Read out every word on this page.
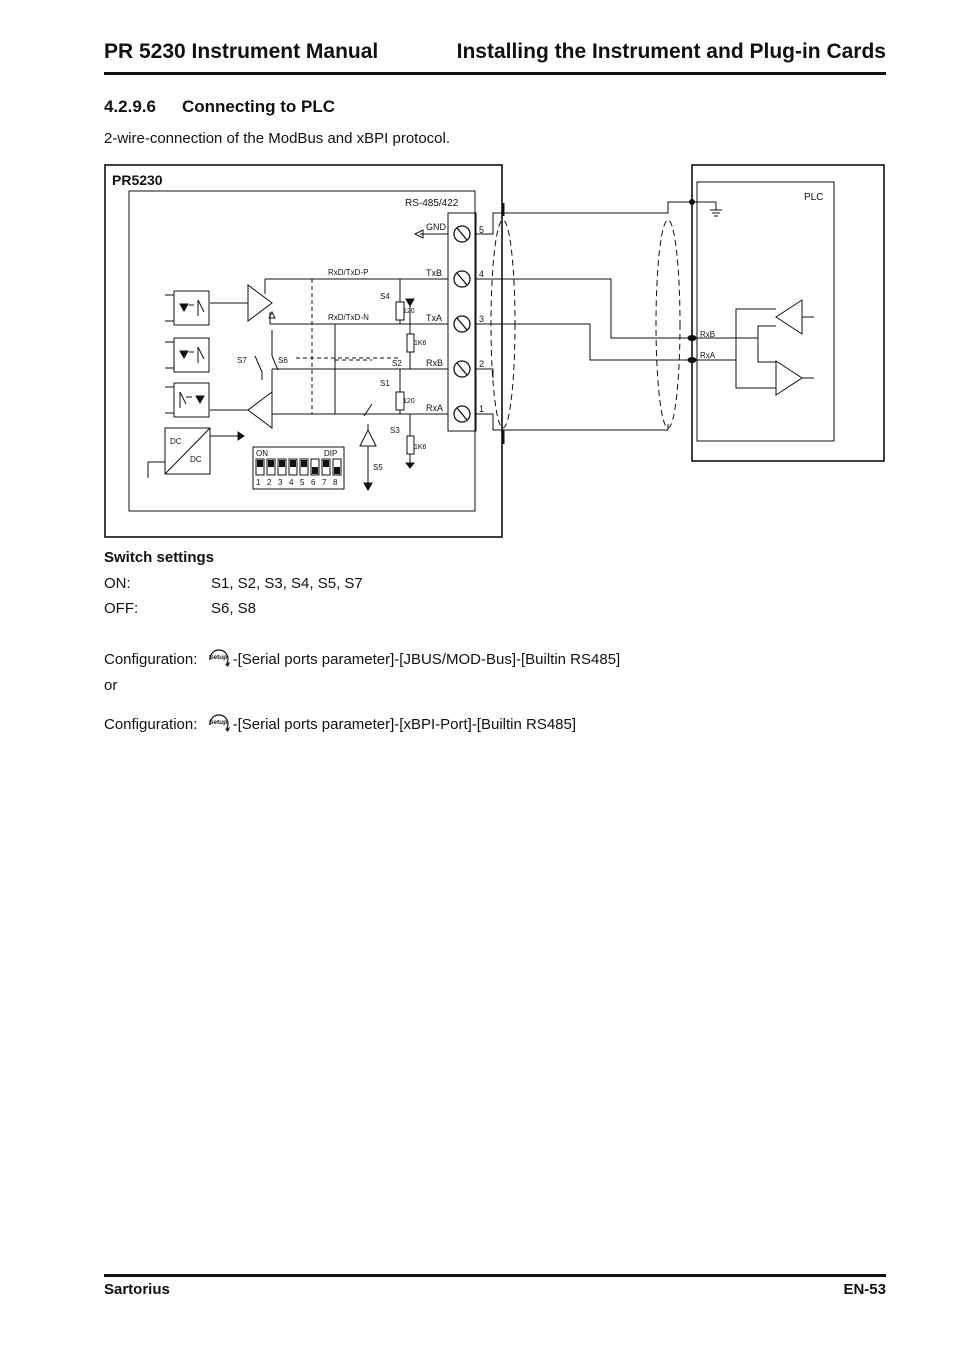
PR 5230 Instrument Manual	Installing the Instrument and Plug-in Cards
4.2.9.6 Connecting to PLC
2-wire-connection of the ModBus and xBPI protocol.
PR5230
RS-485/422
5
4
3
2
1
GND
TxB
TxA
RxB
RxA
RxD/TxD-P
RxD/TxD-N
S7	S6
120
1K6
120
1K6
S4
S2
S1
S3
S5
DC
DC
ON	DIP
1 2 3 4 5 6 7 8
PLC
RxB
RxA
Switch settings
ON:	S1, S2, S3, S4, S5, S7
OFF:	S6, S8
Configuration: Setup -[Serial ports parameter]-[JBUS/MOD-Bus]-[Builtin RS485]
or
Configuration: Setup -[Serial ports parameter]-[xBPI-Port]-[Builtin RS485]
Sartorius	EN-53
